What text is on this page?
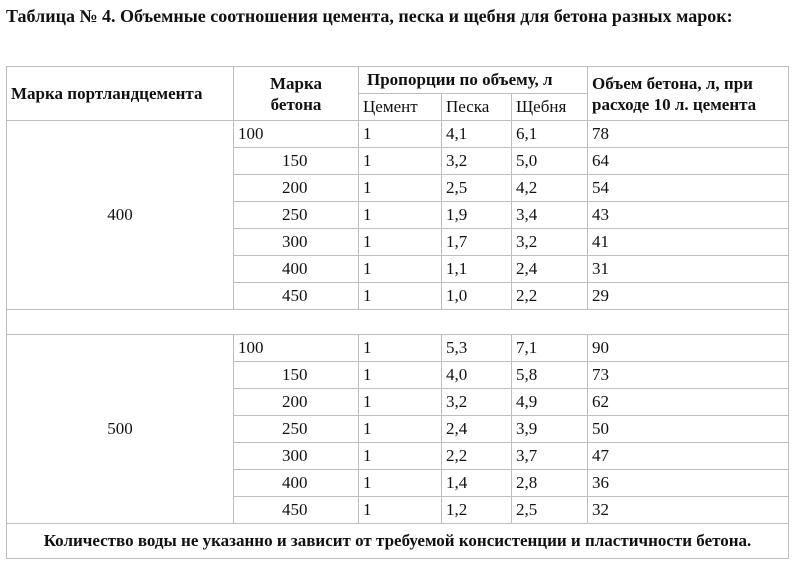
Таблица № 4. Объемные соотношения цемента, песка и щебня для бетона разных марок:
Марка портландцемента	Марка бетона	Пропорции по объему, л			Объем бетона, л, при расходе 10 л. цемента
		Цемент	Песка	Щебня	
400	100	1	4,1	6,1	78
	150	1	3,2	5,0	64
	200	1	2,5	4,2	54
	250	1	1,9	3,4	43
	300	1	1,7	3,2	41
	400	1	1,1	2,4	31
	450	1	1,0	2,2	29

500	100	1	5,3	7,1	90
	150	1	4,0	5,8	73
	200	1	3,2	4,9	62
	250	1	2,4	3,9	50
	300	1	2,2	3,7	47
	400	1	1,4	2,8	36
	450	1	1,2	2,5	32
Количество воды не указанно и зависит от требуемой консистенции и пластичности бетона.					
